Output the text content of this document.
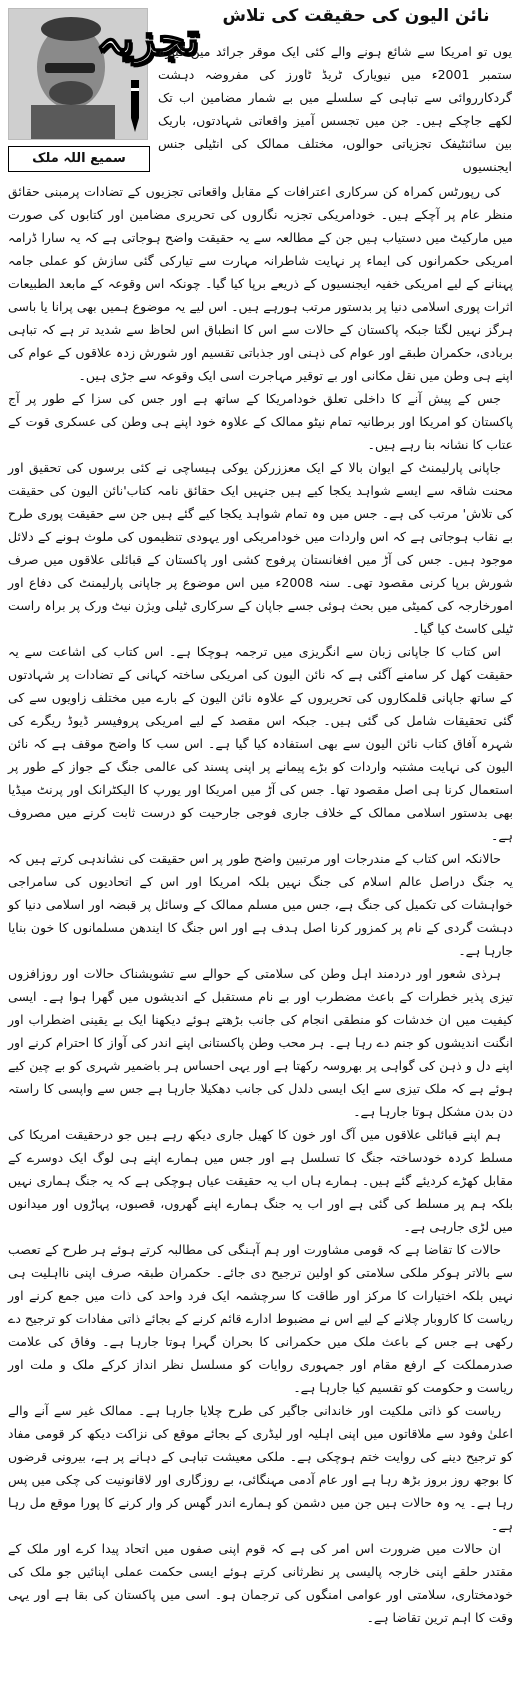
تجزیہ
سمیع اللہ ملک
نائن الیون کی حقیقت کی تلاش
یوں تو امریکا سے شائع ہونے والے کئی ایک موقر جرائد میں گیارہ ستمبر 2001ء میں نیویارک ٹریڈ ٹاورز کی مفروضہ دہشت گردکارروائی سے تباہی کے سلسلے میں بے شمار مضامین اب تک لکھے جاچکے ہیں۔ جن میں تجسس آمیز واقعاتی شہادتوں، باریک بین سائنٹیفک تجزیاتی حوالوں، مختلف ممالک کی انٹیلی جنس ایجنسیوں

کی رپورٹس کمراہ کن سرکاری اعترافات کے مقابل واقعاتی تجزیوں کے تضادات پرمبنی حقائق منظر عام پر آچکے ہیں۔ خودامریکی تجزیہ نگاروں کی تحریری مضامین اور کتابوں کی صورت میں مارکیٹ میں دستیاب ہیں جن کے مطالعہ سے یہ حقیقت واضح ہوجاتی ہے کہ یہ سارا ڈرامہ امریکی حکمرانوں کی ایماء پر نہایت شاطرانہ مہارت سے تیارکی گئی سازش کو عملی جامہ پہنانے کے لیے امریکی خفیہ ایجنسیوں کے ذریعے برپا کیا گیا۔ چونکہ اس وقوعہ کے مابعد الطبیعات اثرات پوری اسلامی دنیا پر بدستور مرتب ہورہے ہیں۔ اس لیے یہ موضوع ہمیں بھی پرانا یا باسی ہرگز نہیں لگتا جبکہ پاکستان کے حالات سے اس کا انطباق اس لحاظ سے شدید تر ہے کہ تباہی بربادی، حکمران طبقے اور عوام کی ذہنی اور جذباتی تقسیم اور شورش زدہ علاقوں کے عوام کی اپنے ہی وطن میں نقل مکانی اور بے توقیر مہاجرت اسی ایک وقوعہ سے جڑی ہیں۔

جس کے پیش آنے کا داخلی تعلق خودامریکا کے ساتھ ہے اور جس کی سزا کے طور پر آج پاکستان کو امریکا اور برطانیہ تمام نیٹو ممالک کے علاوہ خود اپنے ہی وطن کی عسکری قوت کے عتاب کا نشانہ بنا رہے ہیں۔

جاپانی پارلیمنٹ کے ایوان بالا کے ایک معززرکن یوکی ہیساچی نے کئی برسوں کی تحقیق اور محنت شاقہ سے ایسے شواہد یکجا کیے ہیں جنہیں ایک حقائق نامہ کتاب'نائن الیون کی حقیقت کی تلاش' مرتب کی ہے۔ جس میں وہ تمام شواہد یکجا کیے گئے ہیں جن سے حقیقت پوری طرح بے نقاب ہوجاتی ہے کہ اس واردات میں خودامریکی اور یہودی تنظیموں کی ملوث ہونے کے دلائل موجود ہیں۔ جس کی آڑ میں افغانستان پرفوج کشی اور پاکستان کے قبائلی علاقوں میں صرف شورش برپا کرنی مقصود تھی۔ سنہ 2008ء میں اس موضوع پر جاپانی پارلیمنٹ کی دفاع اور امورخارجہ کی کمیٹی میں بحث ہوئی جسے جاپان کے سرکاری ٹیلی ویژن نیٹ ورک پر براہ راست ٹیلی کاسٹ کیا گیا۔

اس کتاب کا جاپانی زبان سے انگریزی میں ترجمہ ہوچکا ہے۔ اس کتاب کی اشاعت سے یہ حقیقت کھل کر سامنے آگئی ہے کہ نائن الیون کی امریکی ساختہ کہانی کے تضادات پر شہادتوں کے ساتھ جاپانی قلمکاروں کی تحریروں کے علاوہ نائن الیون کے بارے میں مختلف زاویوں سے کی گئی تحقیقات شامل کی گئی ہیں۔ جبکہ اس مقصد کے لیے امریکی پروفیسر ڈیوڈ ریگرے کی شہرہ آفاق کتاب نائن الیون سے بھی استفادہ کیا گیا ہے۔ اس سب کا واضح موقف ہے کہ نائن الیون کی نہایت مشتبہ واردات کو بڑے پیمانے پر اپنی پسند کی عالمی جنگ کے جواز کے طور پر استعمال کرنا ہی اصل مقصود تھا۔ جس کی آڑ میں امریکا اور یورپ کا الیکٹرانک اور پرنٹ میڈیا بھی بدستور اسلامی ممالک کے خلاف جاری فوجی جارحیت کو درست ثابت کرنے میں مصروف ہے۔

حالانکہ اس کتاب کے مندرجات اور مرتبین واضح طور پر اس حقیقت کی نشاندہی کرتے ہیں کہ یہ جنگ دراصل عالم اسلام کی جنگ نہیں بلکہ امریکا اور اس کے اتحادیوں کی سامراجی خواہشات کی تکمیل کی جنگ ہے، جس میں مسلم ممالک کے وسائل پر قبضہ اور اسلامی دنیا کو دہشت گردی کے نام پر کمزور کرنا اصل ہدف ہے اور اس جنگ کا ایندھن مسلمانوں کا خون بنایا جارہا ہے۔

ہرذی شعور اور دردمند اہل وطن کی سلامتی کے حوالے سے تشویشناک حالات اور روزافزوں تیزی پذیر خطرات کے باعث مضطرب اور بے نام مستقبل کے اندیشوں میں گھرا ہوا ہے۔ ایسی کیفیت میں ان خدشات کو منطقی انجام کی جانب بڑھتے ہوئے دیکھنا ایک بے یقینی اضطراب اور انگنت اندیشوں کو جنم دے رہا ہے۔ ہر محب وطن پاکستانی اپنے اندر کی آواز کا احترام کرنے اور اپنے دل و ذہن کی گواہی پر بھروسہ رکھتا ہے اور یہی احساس ہر باضمیر شہری کو بے چین کیے ہوئے ہے کہ ملک تیزی سے ایک ایسی دلدل کی جانب دھکیلا جارہا ہے جس سے واپسی کا راستہ دن بدن مشکل ہوتا جارہا ہے۔

ہم اپنے قبائلی علاقوں میں آگ اور خون کا کھیل جاری دیکھ رہے ہیں جو درحقیقت امریکا کی مسلط کردہ خودساختہ جنگ کا تسلسل ہے اور جس میں ہمارے اپنے ہی لوگ ایک دوسرے کے مقابل کھڑے کردیئے گئے ہیں۔ ہمارے ہاں اب یہ حقیقت عیاں ہوچکی ہے کہ یہ جنگ ہماری نہیں بلکہ ہم پر مسلط کی گئی ہے اور اب یہ جنگ ہمارے اپنے گھروں، قصبوں، پہاڑوں اور میدانوں میں لڑی جارہی ہے۔

حالات کا تقاضا ہے کہ قومی مشاورت اور ہم آہنگی کی مطالبہ کرتے ہوئے ہر طرح کے تعصب سے بالاتر ہوکر ملکی سلامتی کو اولین ترجیح دی جائے۔ حکمران طبقہ صرف اپنی نااہلیت ہی نہیں بلکہ اختیارات کا مرکز اور طاقت کا سرچشمہ ایک فرد واحد کی ذات میں جمع کرنے اور ریاست کا کاروبار چلانے کے لیے اس نے مضبوط ادارے قائم کرنے کے بجائے ذاتی مفادات کو ترجیح دے رکھی ہے جس کے باعث ملک میں حکمرانی کا بحران گہرا ہوتا جارہا ہے۔ وفاق کی علامت صدرمملکت کے ارفع مقام اور جمہوری روایات کو مسلسل نظر انداز کرکے ملک و ملت اور ریاست و حکومت کو تقسیم کیا جارہا ہے۔

ریاست کو ذاتی ملکیت اور خاندانی جاگیر کی طرح چلایا جارہا ہے۔ ممالک غیر سے آنے والے اعلیٰ وفود سے ملاقاتوں میں اپنی اہلیہ اور لیڈری کے بجائے موقع کی نزاکت دیکھ کر قومی مفاد کو ترجیح دینے کی روایت ختم ہوچکی ہے۔ ملکی معیشت تباہی کے دہانے پر ہے، بیرونی قرضوں کا بوجھ روز بروز بڑھ رہا ہے اور عام آدمی مہنگائی، بے روزگاری اور لاقانونیت کی چکی میں پس رہا ہے۔ یہ وہ حالات ہیں جن میں دشمن کو ہمارے اندر گھس کر وار کرنے کا پورا موقع مل رہا ہے۔

ان حالات میں ضرورت اس امر کی ہے کہ قوم اپنی صفوں میں اتحاد پیدا کرے اور ملک کے مقتدر حلقے اپنی خارجہ پالیسی پر نظرثانی کرتے ہوئے ایسی حکمت عملی اپنائیں جو ملک کی خودمختاری، سلامتی اور عوامی امنگوں کی ترجمان ہو۔ اسی میں پاکستان کی بقا ہے اور یہی وقت کا اہم ترین تقاضا ہے۔
